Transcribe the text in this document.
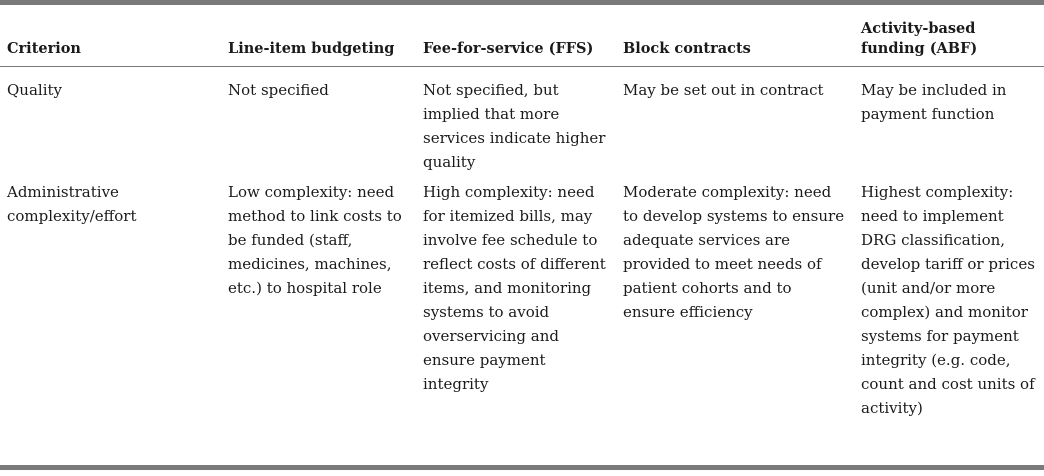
Criterion	Line-item budgeting	Fee-for-service (FFS)	Block contracts	Activity-based funding (ABF)
Quality	Not specified	Not specified, but implied that more services indicate higher quality	May be set out in contract	May be included in payment function
Administrative complexity/effort	Low complexity: need method to link costs to be funded (staff, medicines, machines, etc.) to hospital role	High complexity: need for itemized bills, may involve fee schedule to reflect costs of different items, and monitoring systems to avoid overservicing and ensure payment integrity	Moderate complexity: need to develop systems to ensure adequate services are provided to meet needs of patient cohorts and to ensure efficiency	Highest complexity: need to implement DRG classification, develop tariff or prices (unit and/or more complex) and monitor systems for payment integrity (e.g. code, count and cost units of activity)
